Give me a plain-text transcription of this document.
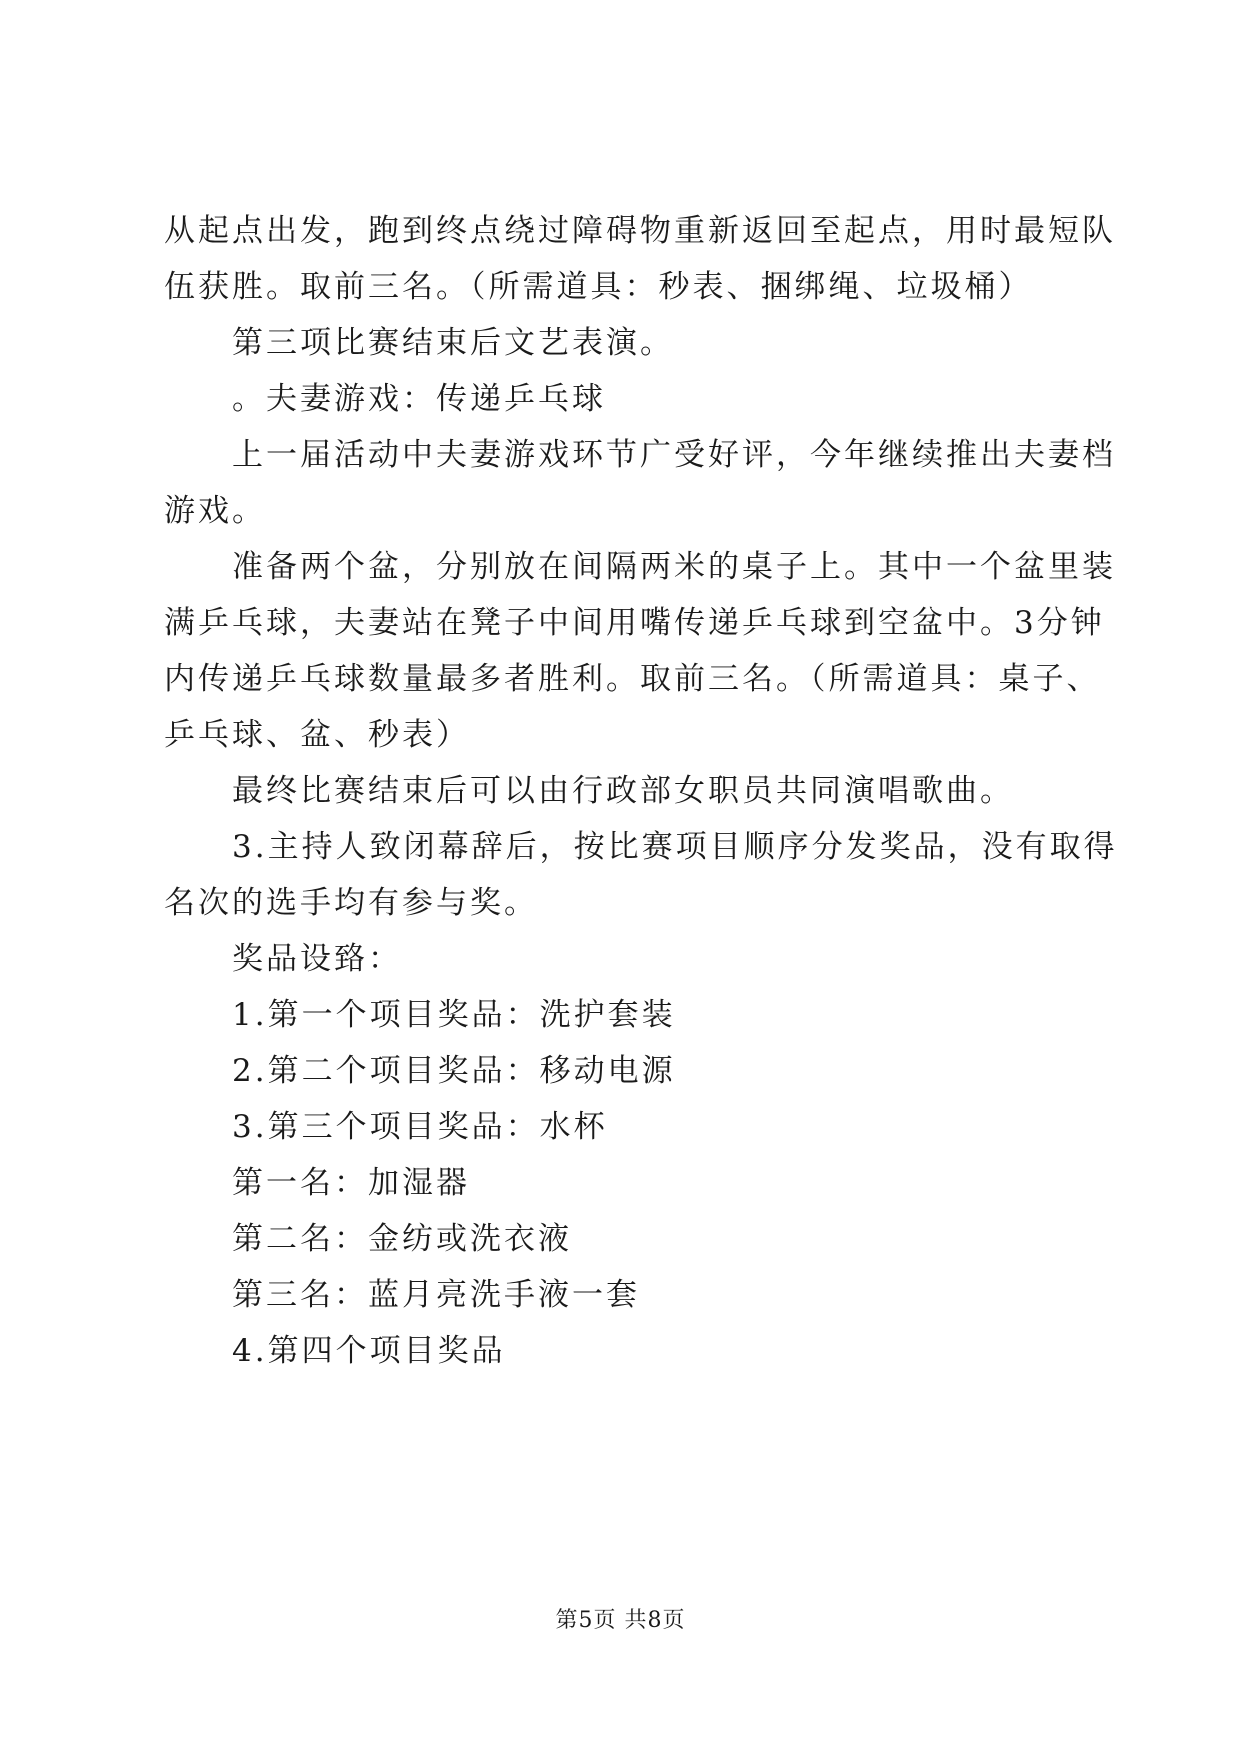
从起点出发，跑到终点绕过障碍物重新返回至起点，用时最短队
伍获胜。取前三名。（所需道具：秒表、捆绑绳、垃圾桶）
第三项比赛结束后文艺表演。
。夫妻游戏：传递乒乓球
上一届活动中夫妻游戏环节广受好评，今年继续推出夫妻档
游戏。
准备两个盆，分别放在间隔两米的桌子上。其中一个盆里装
满乒乓球，夫妻站在凳子中间用嘴传递乒乓球到空盆中。3分钟
内传递乒乓球数量最多者胜利。取前三名。（所需道具：桌子、
乒乓球、盆、秒表）
最终比赛结束后可以由行政部女职员共同演唱歌曲。
3.主持人致闭幕辞后，按比赛项目顺序分发奖品，没有取得
名次的选手均有参与奖。
奖品设臵：
1.第一个项目奖品：洗护套装
2.第二个项目奖品：移动电源
3.第三个项目奖品：水杯
第一名：加湿器
第二名：金纺或洗衣液
第三名：蓝月亮洗手液一套
4.第四个项目奖品
第5页 共8页
